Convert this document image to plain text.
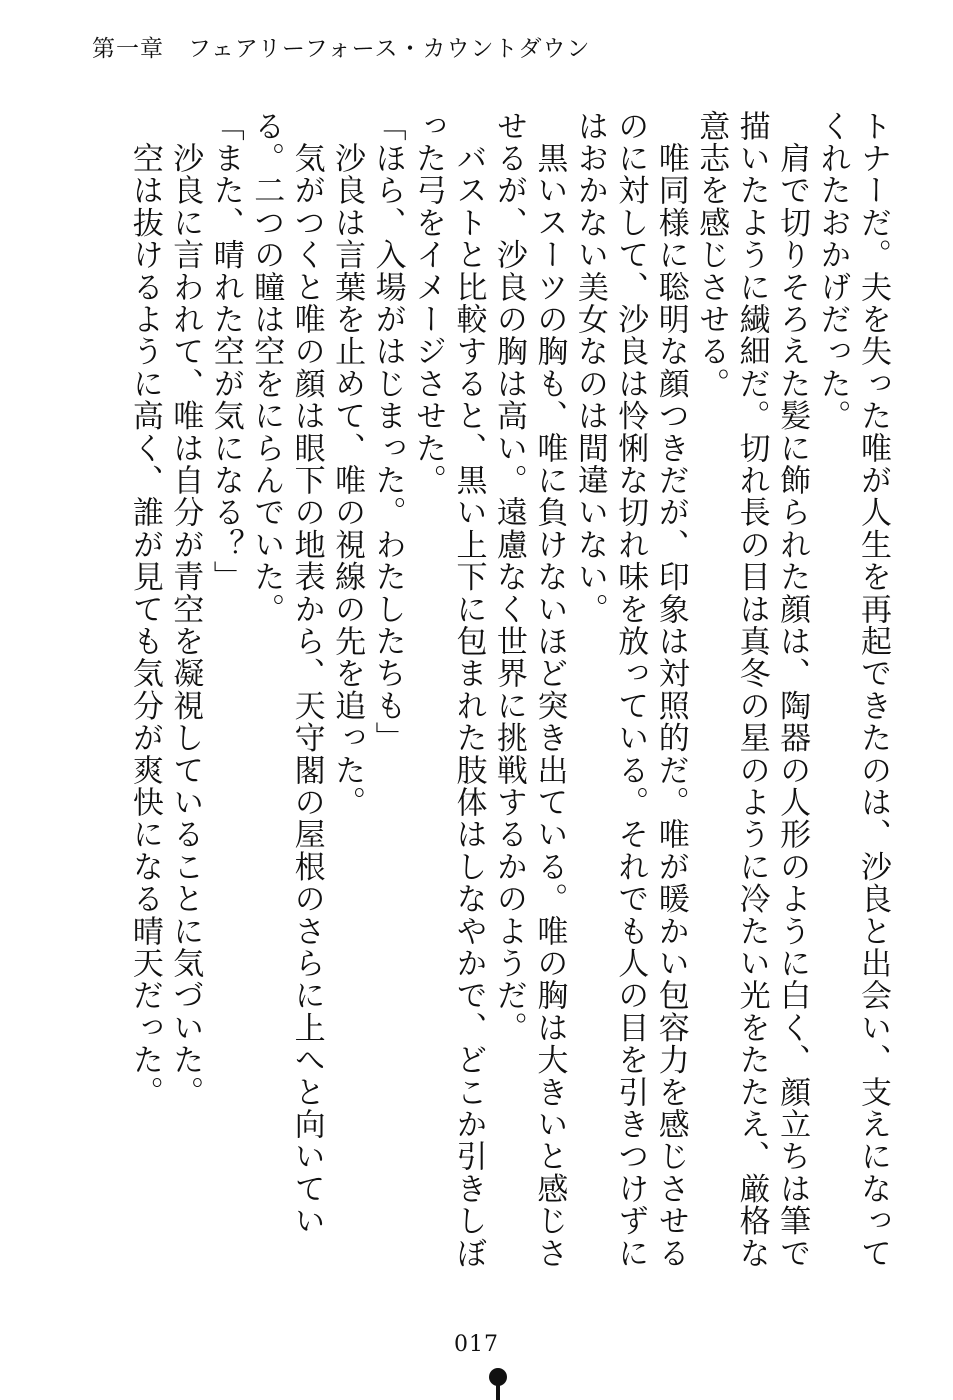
第一章　フェアリーフォース・カウントダウン

トナーだ。夫を失った唯が人生を再起できたのは、沙良と出会い、支えになってくれたおかげだった。

　肩で切りそろえた髪に飾られた顔は、陶器の人形のように白く、顔立ちは筆で描いたように繊細だ。切れ長の目は真冬の星のように冷たい光をたたえ、厳格な意志を感じさせる。

　唯同様に聡明な顔つきだが、印象は対照的だ。唯が暖かい包容力を感じさせるのに対して、沙良は怜悧な切れ味を放っている。それでも人の目を引きつけずにはおかない美女なのは間違いない。

　黒いスーツの胸も、唯に負けないほど突き出ている。唯の胸は大きいと感じさせるが、沙良の胸は高い。遠慮なく世界に挑戦するかのようだ。

　バストと比較すると、黒い上下に包まれた肢体はしなやかで、どこか引きしぼった弓をイメージさせた。

「ほら、入場がはじまった。わたしたちも」

　沙良は言葉を止めて、唯の視線の先を追った。

　気がつくと唯の顔は眼下の地表から、天守閣の屋根のさらに上へと向いている。二つの瞳は空をにらんでいた。

「また、晴れた空が気になる？」

　沙良に言われて、唯は自分が青空を凝視していることに気づいた。

　空は抜けるように高く、誰が見ても気分が爽快になる晴天だった。

017
